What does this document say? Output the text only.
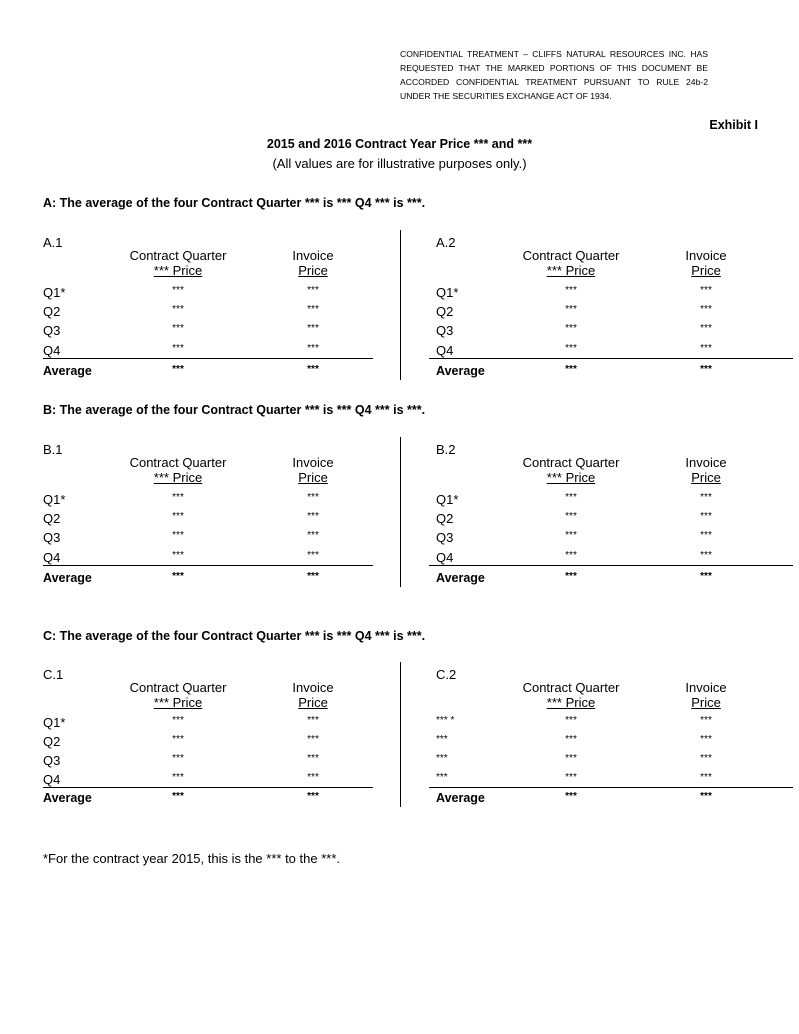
CONFIDENTIAL TREATMENT – CLIFFS NATURAL RESOURCES INC. HAS REQUESTED THAT THE MARKED PORTIONS OF THIS DOCUMENT BE ACCORDED CONFIDENTIAL TREATMENT PURSUANT TO RULE 24b-2 UNDER THE SECURITIES EXCHANGE ACT OF 1934.
Exhibit I
2015 and 2016 Contract Year Price *** and ***
(All values are for illustrative purposes only.)
A: The average of the four Contract Quarter *** is *** Q4 *** is ***.
A.1
Contract Quarter
*** Price
Invoice
Price
Q1*	***	***
Q2	***	***
Q3	***	***
Q4	***	***
Average	***	***
A.2
Contract Quarter
*** Price
Invoice
Price
Q1*	***	***
Q2	***	***
Q3	***	***
Q4	***	***
Average	***	***
B: The average of the four Contract Quarter *** is *** Q4 *** is ***.
B.1
Contract Quarter
*** Price
Invoice
Price
Q1*	***	***
Q2	***	***
Q3	***	***
Q4	***	***
Average	***	***
B.2
Contract Quarter
*** Price
Invoice
Price
Q1*	***	***
Q2	***	***
Q3	***	***
Q4	***	***
Average	***	***
C: The average of the four Contract Quarter *** is *** Q4 *** is ***.
C.1
Contract Quarter
*** Price
Invoice
Price
Q1*	***	***
Q2	***	***
Q3	***	***
Q4	***	***
Average	***	***
C.2
Contract Quarter
*** Price
Invoice
Price
*** *	***	***
***	***	***
***	***	***
***	***	***
Average	***	***
*For the contract year 2015, this is the *** to the ***.
